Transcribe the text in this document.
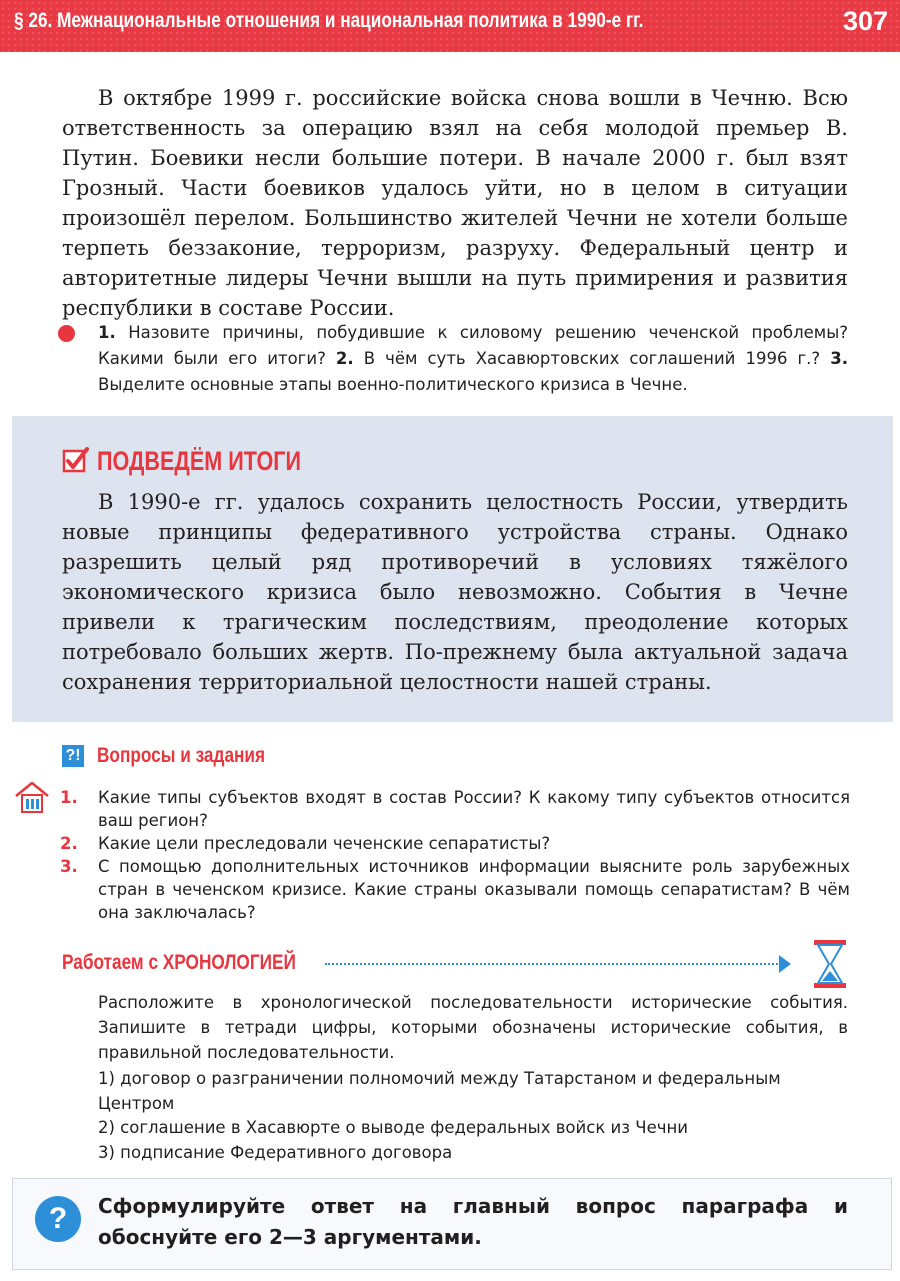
§ 26. Межнациональные отношения и национальная политика в 1990-е гг.	307

В октябре 1999 г. российские войска снова вошли в Чечню. Всю ответственность за операцию взял на себя молодой премьер В. Путин. Боевики несли большие потери. В начале 2000 г. был взят Грозный. Части боевиков удалось уйти, но в целом в ситуации произошёл перелом. Большинство жителей Чечни не хотели больше терпеть беззаконие, терроризм, разруху. Федеральный центр и авторитетные лидеры Чечни вышли на путь примирения и развития республики в составе России.

1. Назовите причины, побудившие к силовому решению чеченской проблемы? Какими были его итоги? 2. В чём суть Хасавюртовских соглашений 1996 г.? 3. Выделите основные этапы военно-политического кризиса в Чечне.

ПОДВЕДЁМ ИТОГИ

В 1990-е гг. удалось сохранить целостность России, утвердить новые принципы федеративного устройства страны. Однако разрешить целый ряд противоречий в условиях тяжёлого экономического кризиса было невозможно. События в Чечне привели к трагическим последствиям, преодоление которых потребовало больших жертв. По-прежнему была актуальной задача сохранения территориальной целостности нашей страны.

?! Вопросы и задания
1. Какие типы субъектов входят в состав России? К какому типу субъектов относится ваш регион?
2. Какие цели преследовали чеченские сепаратисты?
3. С помощью дополнительных источников информации выясните роль зарубежных стран в чеченском кризисе. Какие страны оказывали помощь сепаратистам? В чём она заключалась?
Работаем с ХРОНОЛОГИЕЙ

Расположите в хронологической последовательности исторические события. Запишите в тетради цифры, которыми обозначены исторические события, в правильной последовательности.

1) договор о разграничении полномочий между Татарстаном и федеральным Центром

2) соглашение в Хасавюрте о выводе федеральных войск из Чечни

3) подписание Федеративного договора

?	Сформулируйте ответ на главный вопрос параграфа и обоснуйте его 2—3 аргументами.
